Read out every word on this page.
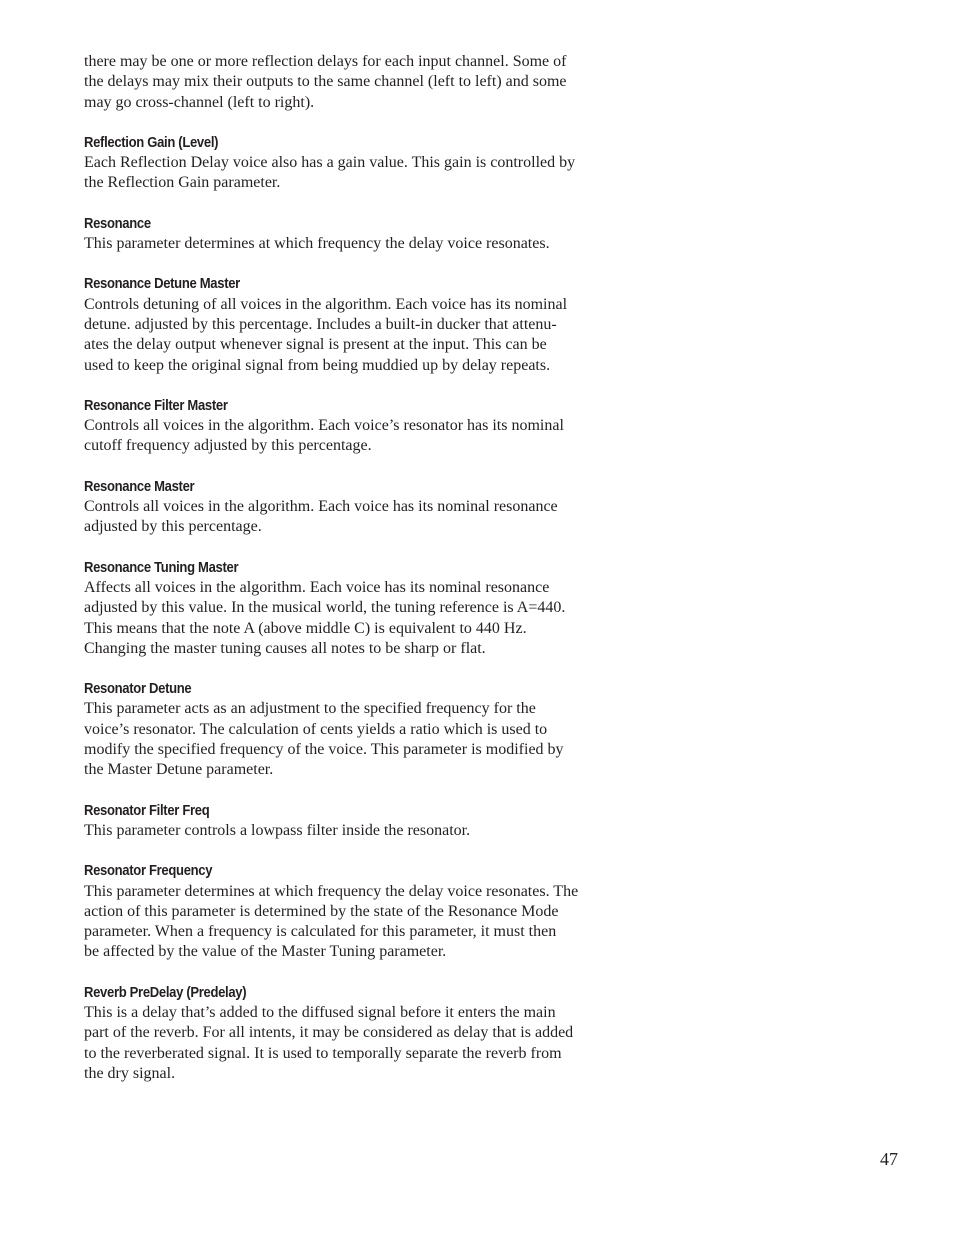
there may be one or more reflection delays for each input channel. Some of
the delays may mix their outputs to the same channel (left to left) and some
may go cross-channel (left to right).

Reflection Gain (Level)

Each Reflection Delay voice also has a gain value. This gain is controlled by
the Reflection Gain parameter.

Resonance

This parameter determines at which frequency the delay voice resonates.

Resonance Detune Master

Controls detuning of all voices in the algorithm. Each voice has its nominal
detune. adjusted by this percentage. Includes a built-in ducker that attenu-
ates the delay output whenever signal is present at the input. This can be
used to keep the original signal from being muddied up by delay repeats.

Resonance Filter Master

Controls all voices in the algorithm. Each voice’s resonator has its nominal
cutoff frequency adjusted by this percentage.

Resonance Master

Controls all voices in the algorithm. Each voice has its nominal resonance
adjusted by this percentage.

Resonance Tuning Master

Affects all voices in the algorithm. Each voice has its nominal resonance
adjusted by this value. In the musical world, the tuning reference is A=440.
This means that the note A (above middle C) is equivalent to 440 Hz.
Changing the master tuning causes all notes to be sharp or flat.

Resonator Detune

This parameter acts as an adjustment to the specified frequency for the
voice’s resonator. The calculation of cents yields a ratio which is used to
modify the specified frequency of the voice. This parameter is modified by
the Master Detune parameter.

Resonator Filter Freq

This parameter controls a lowpass filter inside the resonator.

Resonator Frequency

This parameter determines at which frequency the delay voice resonates. The
action of this parameter is determined by the state of the Resonance Mode
parameter. When a frequency is calculated for this parameter, it must then
be affected by the value of the Master Tuning parameter.

Reverb PreDelay (Predelay)

This is a delay that’s added to the diffused signal before it enters the main
part of the reverb. For all intents, it may be considered as delay that is added
to the reverberated signal. It is used to temporally separate the reverb from
the dry signal.

47
